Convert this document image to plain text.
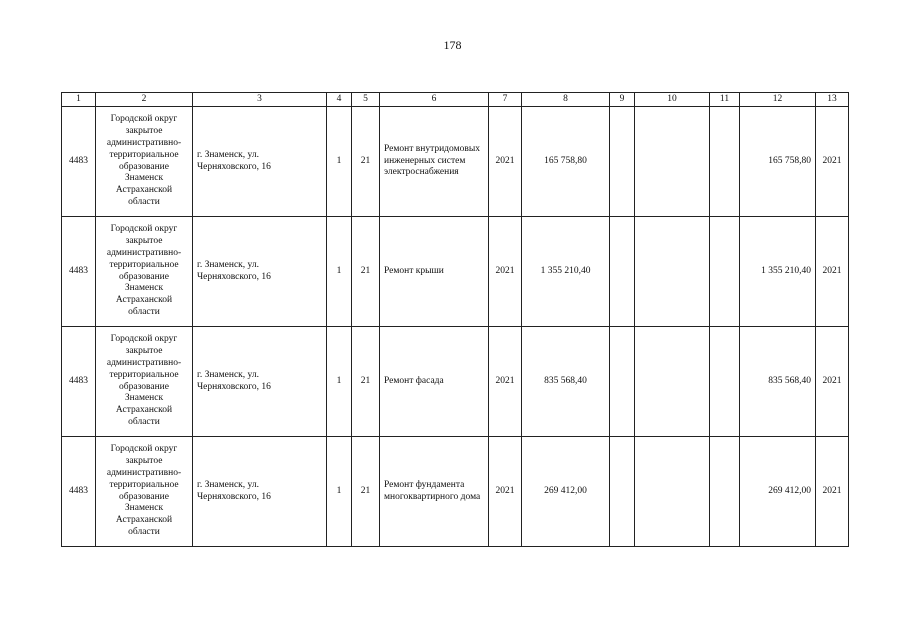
178
1	2	3	4	5	6	7	8	9	10	11	12	13
4483	Городской округ закрытое административно-территориальное образование Знаменск Астраханской области	г. Знаменск, ул. Черняховского, 16	1	21	Ремонт внутридомовых инженерных систем электроснабжения	2021	165 758,80				165 758,80	2021
4483	Городской округ закрытое административно-территориальное образование Знаменск Астраханской области	г. Знаменск, ул. Черняховского, 16	1	21	Ремонт крыши	2021	1 355 210,40				1 355 210,40	2021
4483	Городской округ закрытое административно-территориальное образование Знаменск Астраханской области	г. Знаменск, ул. Черняховского, 16	1	21	Ремонт фасада	2021	835 568,40				835 568,40	2021
4483	Городской округ закрытое административно-территориальное образование Знаменск Астраханской области	г. Знаменск, ул. Черняховского, 16	1	21	Ремонт фундамента многоквартирного дома	2021	269 412,00				269 412,00	2021
